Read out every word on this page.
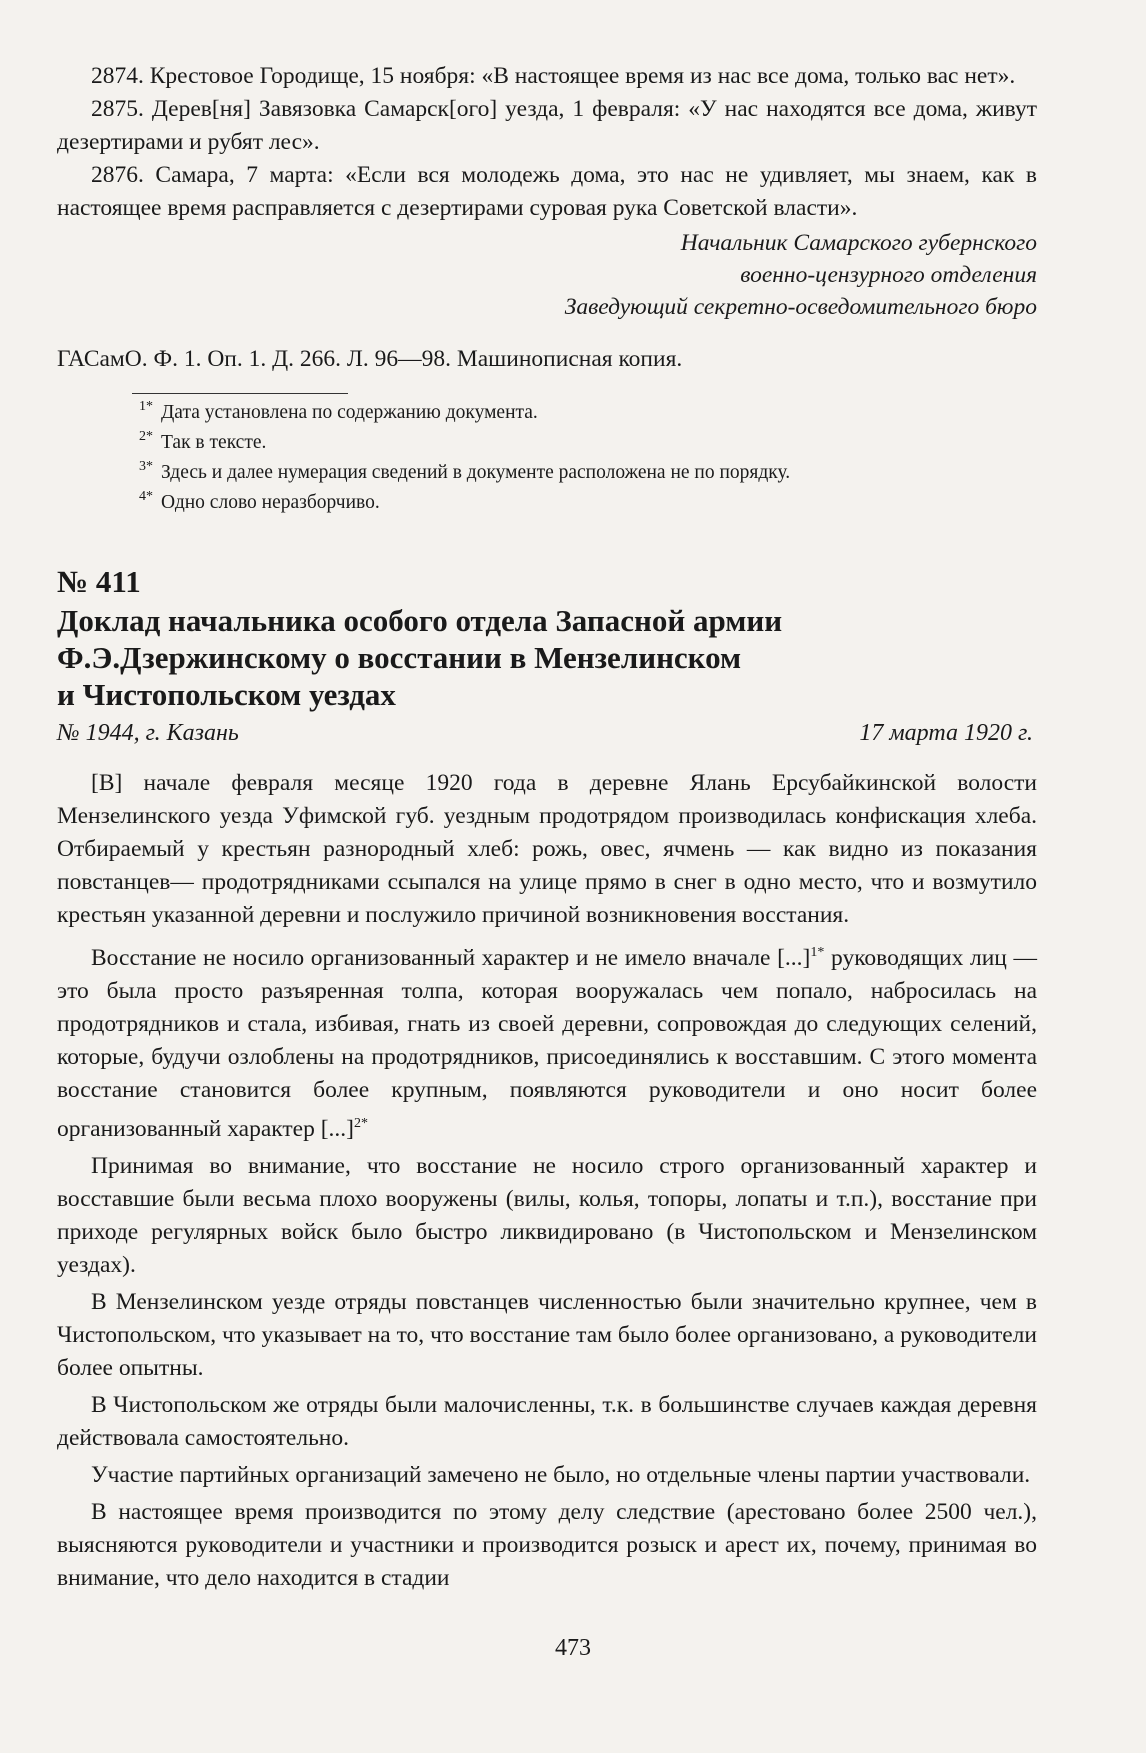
2874. Крестовое Городище, 15 ноября: «В настоящее время из нас все дома, только вас нет».

2875. Дерев[ня] Завязовка Самарск[ого] уезда, 1 февраля: «У нас находятся все дома, живут дезертирами и рубят лес».

2876. Самара, 7 марта: «Если вся молодежь дома, это нас не удивляет, мы знаем, как в настоящее время расправляется с дезертирами суровая рука Советской власти».

Начальник Самарского губернского

военно-цензурного отделения

Заведующий секретно-осведомительного бюро

ГАСамО. Ф. 1. Оп. 1. Д. 266. Л. 96—98. Машинописная копия.

1* Дата установлена по содержанию документа.

2* Так в тексте.

3* Здесь и далее нумерация сведений в документе расположена не по порядку.

4* Одно слово неразборчиво.

№ 411

Доклад начальника особого отдела Запасной армии

Ф.Э.Дзержинскому о восстании в Мензелинском

и Чистопольском уездах

№ 1944, г. Казань	17 марта 1920 г.

[В] начале февраля месяце 1920 года в деревне Ялань Ерсубайкинской волости Мензелинского уезда Уфимской губ. уездным продотрядом производилась конфискация хлеба. Отбираемый у крестьян разнородный хлеб: рожь, овес, ячмень — как видно из показания повстанцев— продотрядниками ссыпался на улице прямо в снег в одно место, что и возмутило крестьян указанной деревни и послужило причиной возникновения восстания.

Восстание не носило организованный характер и не имело вначале [...]$^{1*}$ руководящих лиц — это была просто разъяренная толпа, которая вооружалась чем попало, набросилась на продотрядников и стала, избивая, гнать из своей деревни, сопровождая до следующих селений, которые, будучи озлоблены на продотрядников, присоединялись к восставшим. С этого момента восстание становится более крупным, появляются руководители и оно носит более организованный характер [...]$^{2*}$

Принимая во внимание, что восстание не носило строго организованный характер и восставшие были весьма плохо вооружены (вилы, колья, топоры, лопаты и т.п.), восстание при приходе регулярных войск было быстро ликвидировано (в Чистопольском и Мензелинском уездах).

В Мензелинском уезде отряды повстанцев численностью были значительно крупнее, чем в Чистопольском, что указывает на то, что восстание там было более организовано, а руководители более опытны.

В Чистопольском же отряды были малочисленны, т.к. в большинстве случаев каждая деревня действовала самостоятельно.

Участие партийных организаций замечено не было, но отдельные члены партии участвовали.

В настоящее время производится по этому делу следствие (арестовано более 2500 чел.), выясняются руководители и участники и производится розыск и арест их, почему, принимая во внимание, что дело находится в стадии

473
